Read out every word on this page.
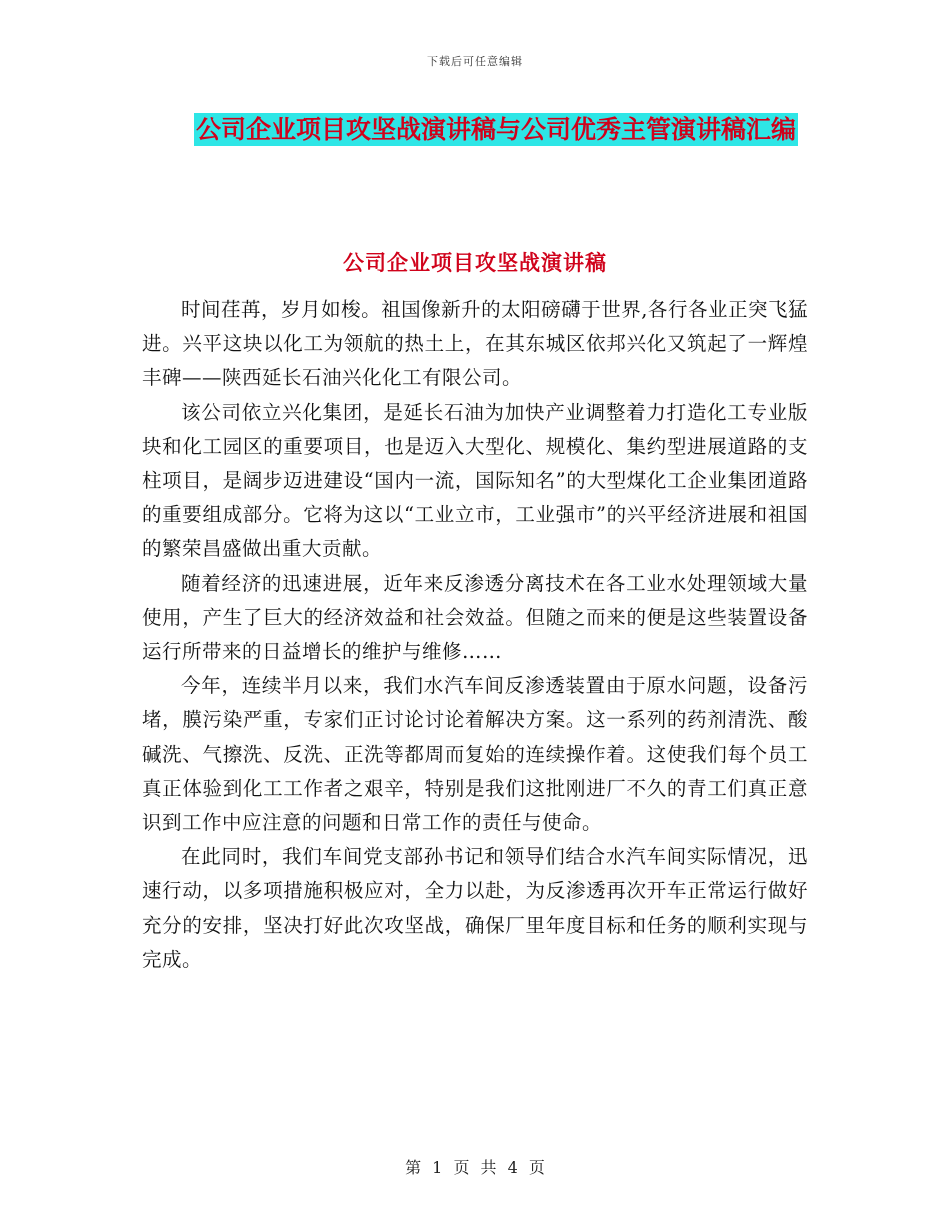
下载后可任意编辑
公司企业项目攻坚战演讲稿与公司优秀主管演讲稿汇编
公司企业项目攻坚战演讲稿

时间荏苒，岁月如梭。祖国像新升的太阳磅礴于世界,各行各业正突飞猛进。兴平这块以化工为领航的热土上，在其东城区依邦兴化又筑起了一辉煌丰碑——陕西延长石油兴化化工有限公司。

该公司依立兴化集团，是延长石油为加快产业调整着力打造化工专业版块和化工园区的重要项目，也是迈入大型化、规模化、集约型进展道路的支柱项目，是阔步迈进建设“国内一流，国际知名”的大型煤化工企业集团道路的重要组成部分。它将为这以“工业立市，工业强市”的兴平经济进展和祖国的繁荣昌盛做出重大贡献。

随着经济的迅速进展，近年来反渗透分离技术在各工业水处理领域大量使用，产生了巨大的经济效益和社会效益。但随之而来的便是这些装置设备运行所带来的日益增长的维护与维修……

今年，连续半月以来，我们水汽车间反渗透装置由于原水问题，设备污堵，膜污染严重，专家们正讨论讨论着解决方案。这一系列的药剂清洗、酸碱洗、气擦洗、反洗、正洗等都周而复始的连续操作着。这使我们每个员工真正体验到化工工作者之艰辛，特别是我们这批刚进厂不久的青工们真正意识到工作中应注意的问题和日常工作的责任与使命。

在此同时，我们车间党支部孙书记和领导们结合水汽车间实际情况，迅速行动，以多项措施积极应对，全力以赴，为反渗透再次开车正常运行做好充分的安排，坚决打好此次攻坚战，确保厂里年度目标和任务的顺利实现与完成。

第 1 页 共 4 页
